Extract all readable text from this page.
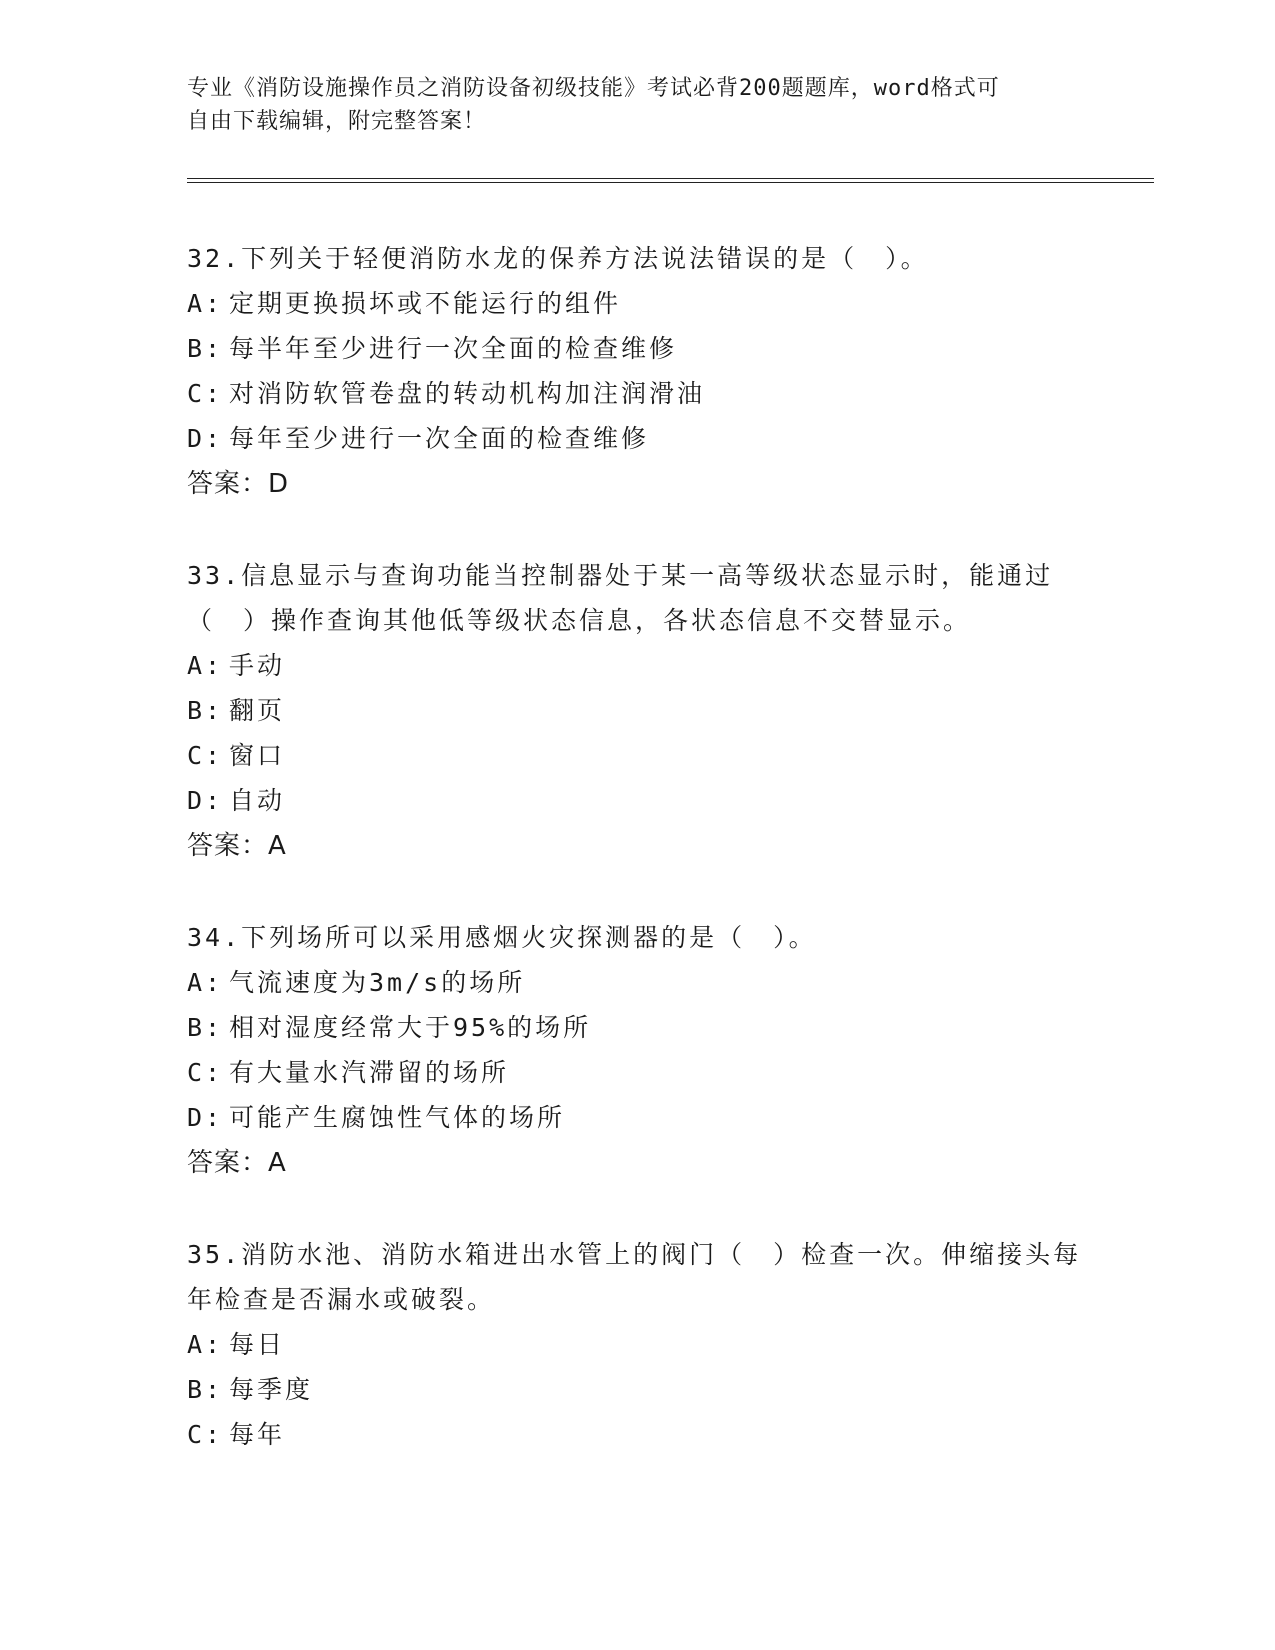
专业《消防设施操作员之消防设备初级技能》考试必背200题题库，word格式可
自由下载编辑，附完整答案！
32.下列关于轻便消防水龙的保养方法说法错误的是（　）。
A: 定期更换损坏或不能运行的组件
B: 每半年至少进行一次全面的检查维修
C: 对消防软管卷盘的转动机构加注润滑油
D: 每年至少进行一次全面的检查维修
答案：D
33.信息显示与查询功能当控制器处于某一高等级状态显示时，能通过（　）操作查询其他低等级状态信息，各状态信息不交替显示。
A: 手动
B: 翻页
C: 窗口
D: 自动
答案：A
34.下列场所可以采用感烟火灾探测器的是（　）。
A: 气流速度为3m/s的场所
B: 相对湿度经常大于95%的场所
C: 有大量水汽滞留的场所
D: 可能产生腐蚀性气体的场所
答案：A
35.消防水池、消防水箱进出水管上的阀门（　）检查一次。伸缩接头每年检查是否漏水或破裂。
A: 每日
B: 每季度
C: 每年
